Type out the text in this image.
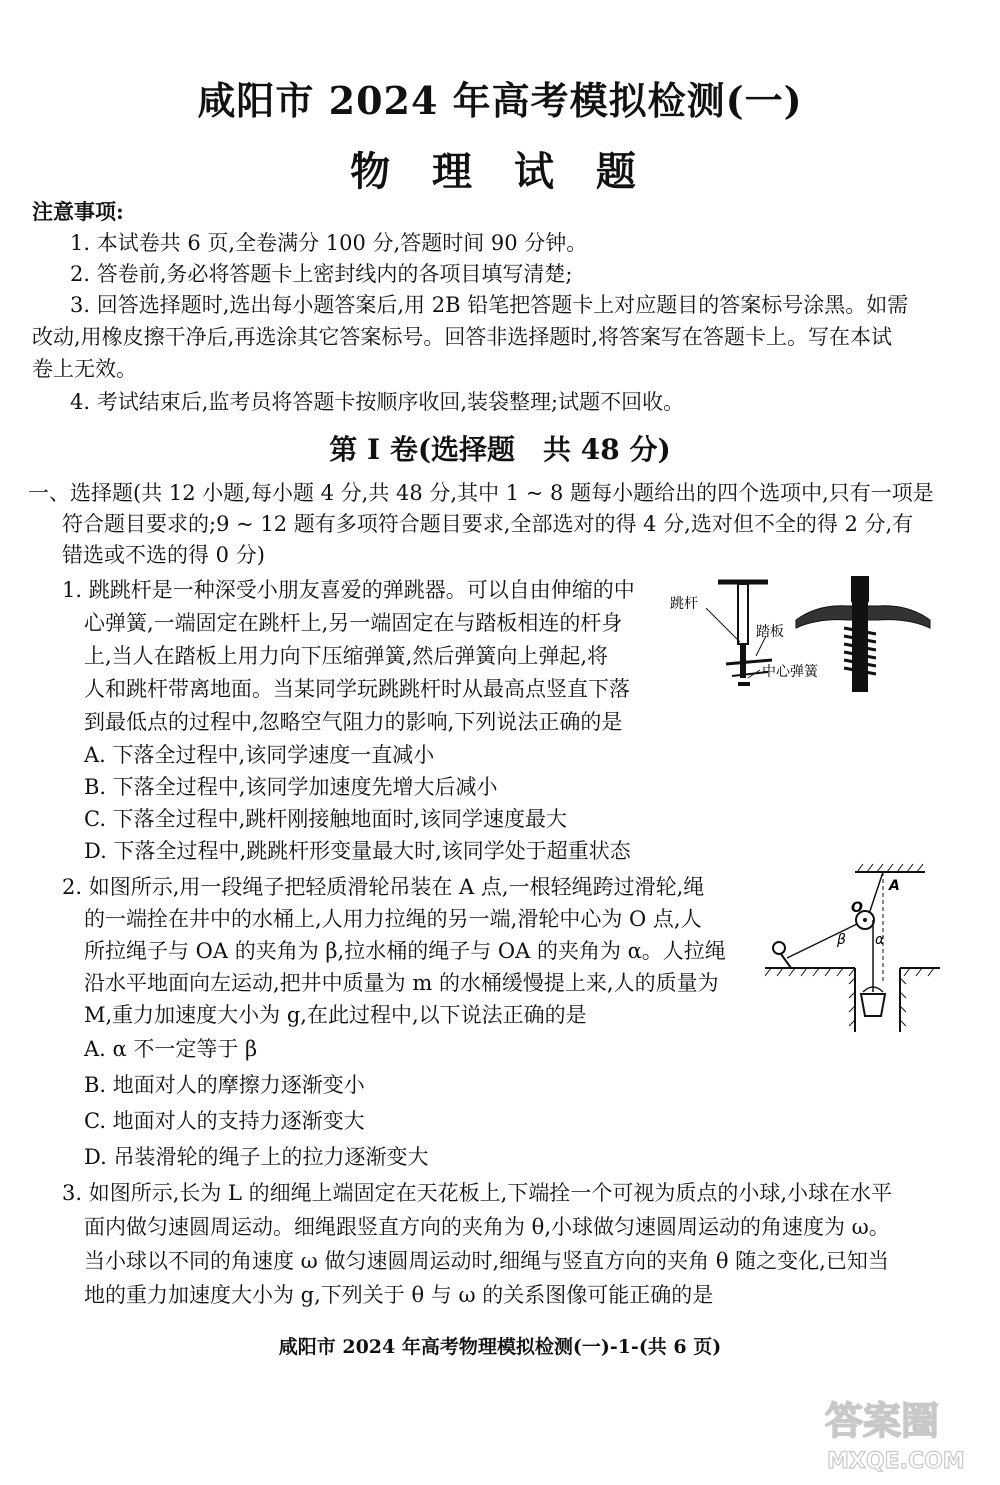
咸阳市 2024 年高考模拟检测(一)
物 理 试 题
注意事项:
1. 本试卷共 6 页,全卷满分 100 分,答题时间 90 分钟。
2. 答卷前,务必将答题卡上密封线内的各项目填写清楚;
3. 回答选择题时,选出每小题答案后,用 2B 铅笔把答题卡上对应题目的答案标号涂黑。如需
改动,用橡皮擦干净后,再选涂其它答案标号。回答非选择题时,将答案写在答题卡上。写在本试
卷上无效。
4. 考试结束后,监考员将答题卡按顺序收回,装袋整理;试题不回收。
第 I 卷(选择题　共 48 分)
一、选择题(共 12 小题,每小题 4 分,共 48 分,其中 1 ~ 8 题每小题给出的四个选项中,只有一项是
符合题目要求的;9 ~ 12 题有多项符合题目要求,全部选对的得 4 分,选对但不全的得 2 分,有
错选或不选的得 0 分)
1. 跳跳杆是一种深受小朋友喜爱的弹跳器。可以自由伸缩的中
心弹簧,一端固定在跳杆上,另一端固定在与踏板相连的杆身
上,当人在踏板上用力向下压缩弹簧,然后弹簧向上弹起,将
人和跳杆带离地面。当某同学玩跳跳杆时从最高点竖直下落
到最低点的过程中,忽略空气阻力的影响,下列说法正确的是
A. 下落全过程中,该同学速度一直减小
B. 下落全过程中,该同学加速度先增大后减小
C. 下落全过程中,跳杆刚接触地面时,该同学速度最大
D. 下落全过程中,跳跳杆形变量最大时,该同学处于超重状态
跳杆
踏板
中心弹簧
2. 如图所示,用一段绳子把轻质滑轮吊装在 A 点,一根轻绳跨过滑轮,绳
的一端拴在井中的水桶上,人用力拉绳的另一端,滑轮中心为 O 点,人
所拉绳子与 OA 的夹角为 β,拉水桶的绳子与 OA 的夹角为 α。人拉绳
沿水平地面向左运动,把井中质量为 m 的水桶缓慢提上来,人的质量为
M,重力加速度大小为 g,在此过程中,以下说法正确的是
A. α 不一定等于 β
B. 地面对人的摩擦力逐渐变小
C. 地面对人的支持力逐渐变大
D. 吊装滑轮的绳子上的拉力逐渐变大
A
O
β α
3. 如图所示,长为 L 的细绳上端固定在天花板上,下端拴一个可视为质点的小球,小球在水平
面内做匀速圆周运动。细绳跟竖直方向的夹角为 θ,小球做匀速圆周运动的角速度为 ω。
当小球以不同的角速度 ω 做匀速圆周运动时,细绳与竖直方向的夹角 θ 随之变化,已知当
地的重力加速度大小为 g,下列关于 θ 与 ω 的关系图像可能正确的是
咸阳市 2024 年高考物理模拟检测(一)-1-(共 6 页)
答案圈
MXQE.COM
